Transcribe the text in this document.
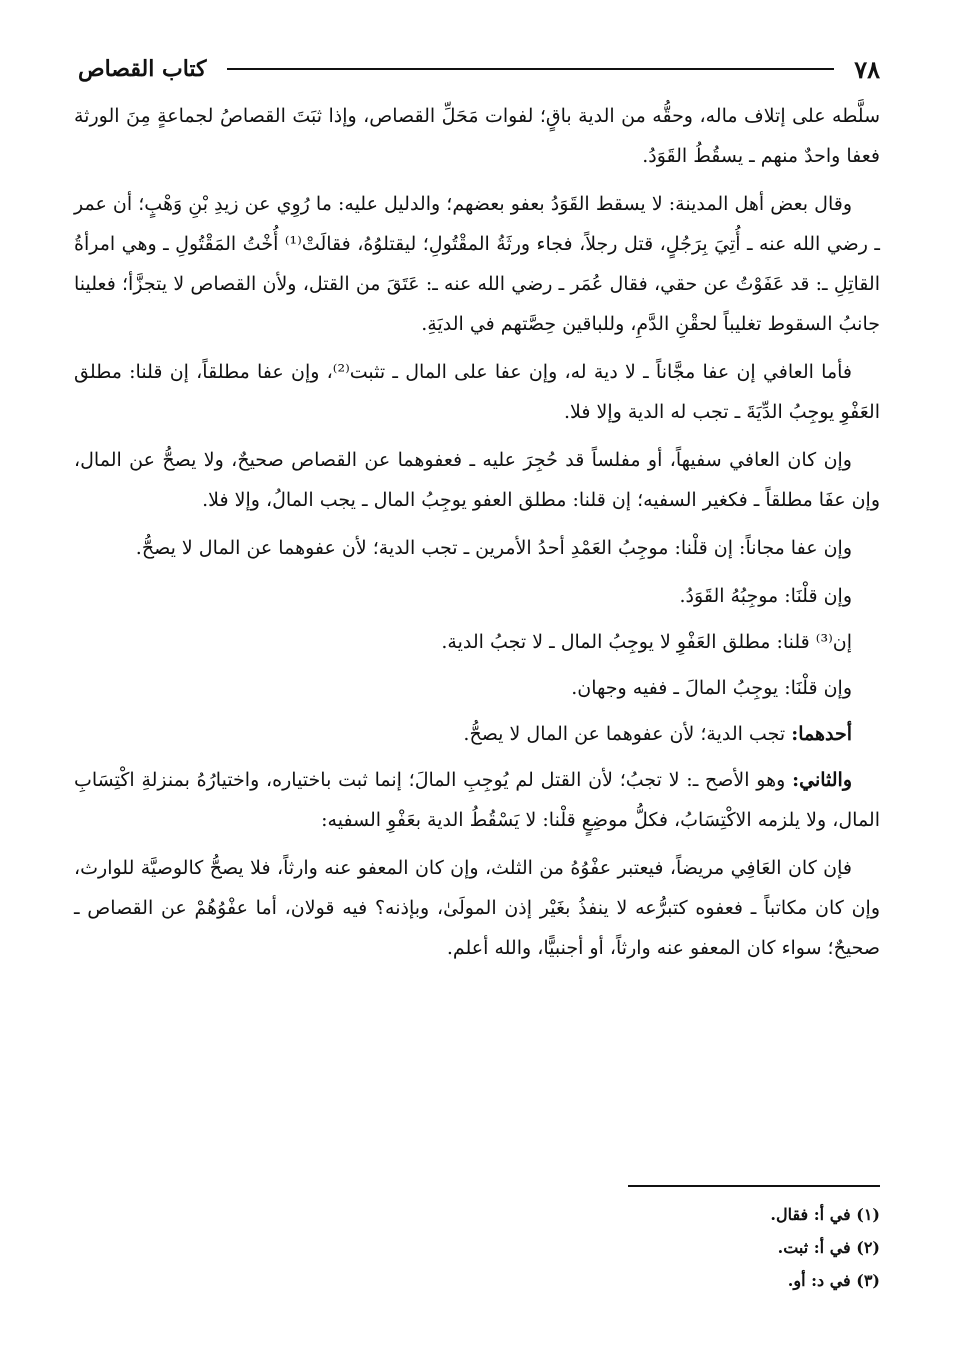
٧٨
كتاب القصاص

سلَّطه على إتلاف ماله، وحقُّه من الدية باقٍ؛ لفوات مَحَلِّ القصاص، وإذا ثبَتَ القصاصُ لجماعةٍ مِنَ الورثة فعفا واحدٌ منهم ـ يسقُطُ القَوَدُ.

وقال بعض أهل المدينة: لا يسقط القَوَدُ بعفو بعضهم؛ والدليل عليه: ما رُوِي عن زيدِ بْنِ وَهْبٍ؛ أن عمر ـ رضي الله عنه ـ أُتِيَ بِرَجُلٍ، قتل رجلاً، فجاء ورثَةُ المقْتُولِ؛ ليقتلوُهُ، فقالَتْ⁽¹⁾ أُخْتُ المَقْتُولِ ـ وهي امرأةُ القاتِلِ ـ: قد عَفَوْتُ عن حقي، فقال عُمَر ـ رضي الله عنه ـ: عَتَقَ من القتل، ولأن القصاص لا يتجزَّأ؛ فعلينا جانبُ السقوط تغليباً لحقْنِ الدَّمِ، وللباقين حِصَّتهم في الديَةِ.

فأما العافي إن عفا مجَّاناً ـ لا دية له، وإن عفا على المال ـ تثبت⁽²⁾، وإن عفا مطلقاً، إن قلنا: مطلق العَفْوِ يوجِبُ الدِّيَةَ ـ تجب له الدية وإلا فلا.

وإن كان العافي سفيهاً، أو مفلساً قد حُجِرَ عليه ـ فعفوهما عن القصاص صحيحٌ، ولا يصحُّ عن المال، وإن عفَا مطلقاً ـ فكغير السفيه؛ إن قلنا: مطلق العفو يوجِبُ المال ـ يجب المالُ، وإلا فلا.

وإن عفا مجاناً: إن قلْنا: موجِبُ العَمْدِ أحدُ الأمرين ـ تجب الدية؛ لأن عفوهما عن المال لا يصحُّ.

وإن قلْنَا: موجِبُهُ القَوَدُ.

إن⁽³⁾ قلنا: مطلق العَفْوِ لا يوجِبُ المال ـ لا تجبُ الدية.

وإن قلْنَا: يوجِبُ المالَ ـ ففيه وجهان.

أحدهما: تجب الدية؛ لأن عفوهما عن المال لا يصحُّ.

والثاني: وهو الأصح ـ: لا تجبُ؛ لأن القتل لم يُوجِبِ المالَ؛ إنما ثبت باختياره، واختيارُهُ بمنزلةِ اكْتِسَابِ المال، ولا يلزمه الاكْتِسَابُ، فكلُّ موضِعٍ قلْنا: لا يَسْقُطُ الدية بعَفْوِ السفيه:

فإن كان العَافِي مريضاً، فيعتبر عفْوُهُ من الثلث، وإن كان المعفو عنه وارثاً، فلا يصحُّ كالوصيَّة للوارث، وإن كان مكاتباً ـ فعفوه كتبرُّعه لا ينفذُ بغَيْر إذن المولَىٰ، وبإذنه؟ فيه قولان، أما عفْوُهُمْ عن القصاص ـ صحيحٌ؛ سواء كان المعفو عنه وارثاً، أو أجنبيًّا، والله أعلم.

(١) في أ: فقال.
(٢) في أ: ثبت.
(٣) في د: أو.
